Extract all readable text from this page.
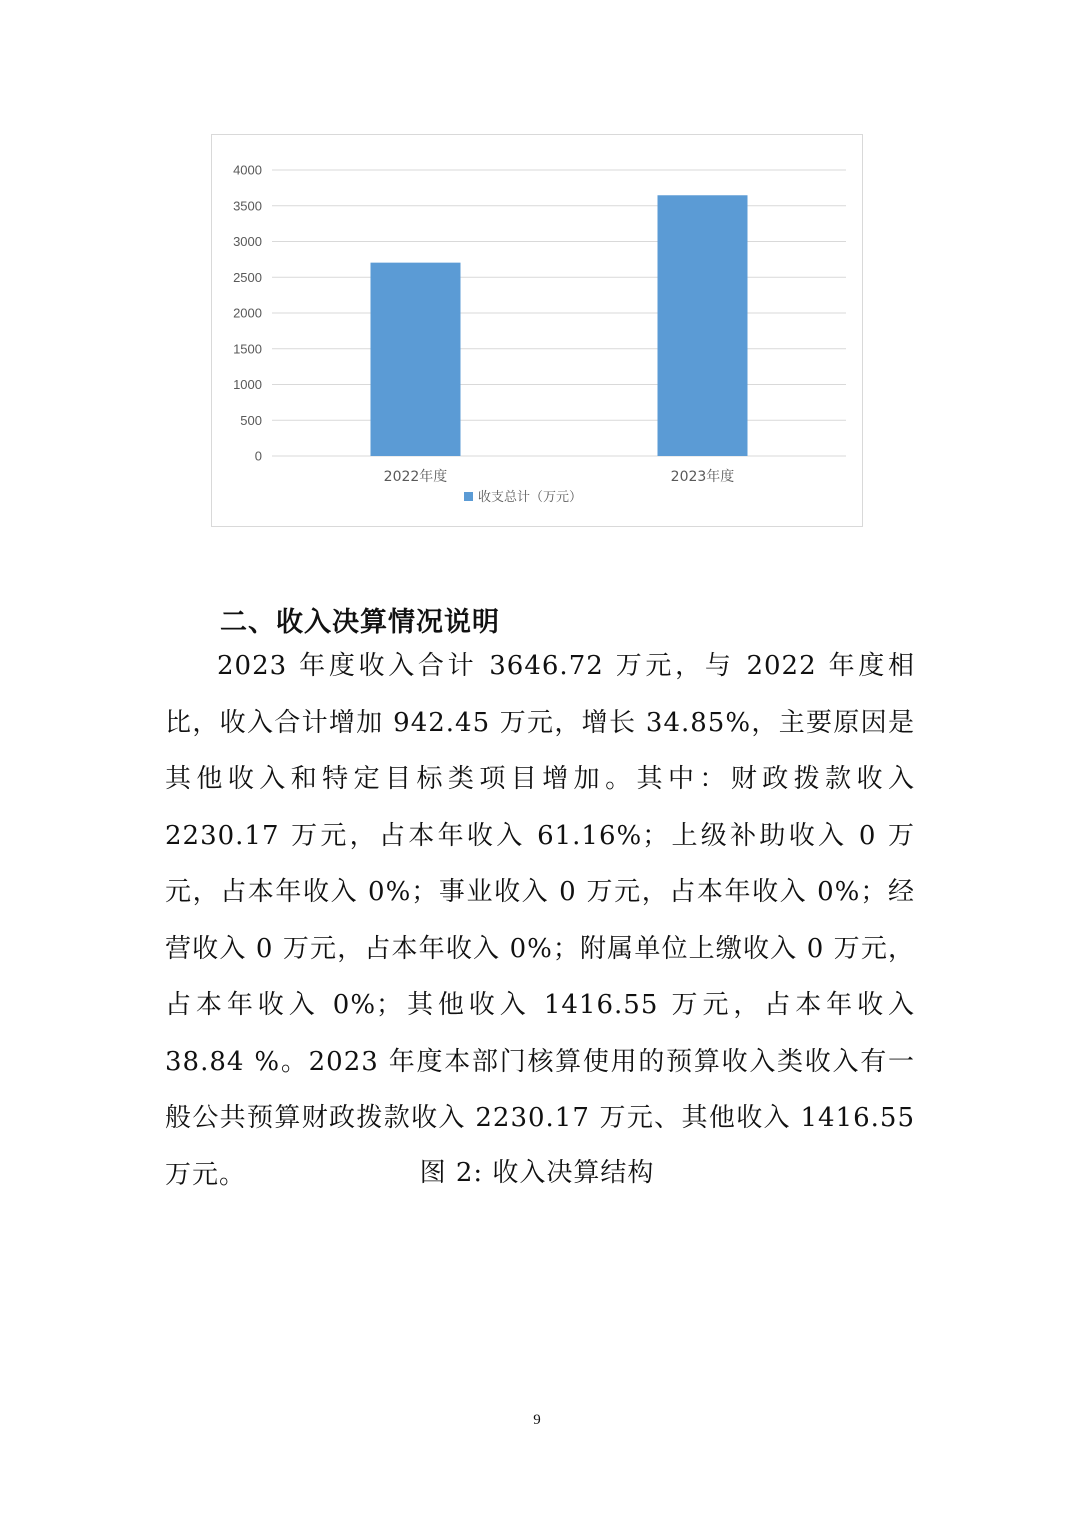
0
500
1000
1500
2000
2500
3000
3500
4000
2022年度	2023年度
收支总计（万元）
二、收入决算情况说明

2023 年度收入合计 3646.72 万元，与 2022 年度相比，收入合计增加 942.45 万元，增长 34.85%，主要原因是其他收入和特定目标类项目增加。其中：财政拨款收入 2230.17 万元，占本年收入 61.16%；上级补助收入 0 万元，占本年收入 0%；事业收入 0 万元，占本年收入 0%；经营收入 0 万元，占本年收入 0%；附属单位上缴收入 0 万元，占本年收入 0%；其他收入 1416.55 万元，占本年收入 38.84 %。2023 年度本部门核算使用的预算收入类收入有一般公共预算财政拨款收入 2230.17 万元、其他收入 1416.55 万元。	图 2: 收入决算结构

9
